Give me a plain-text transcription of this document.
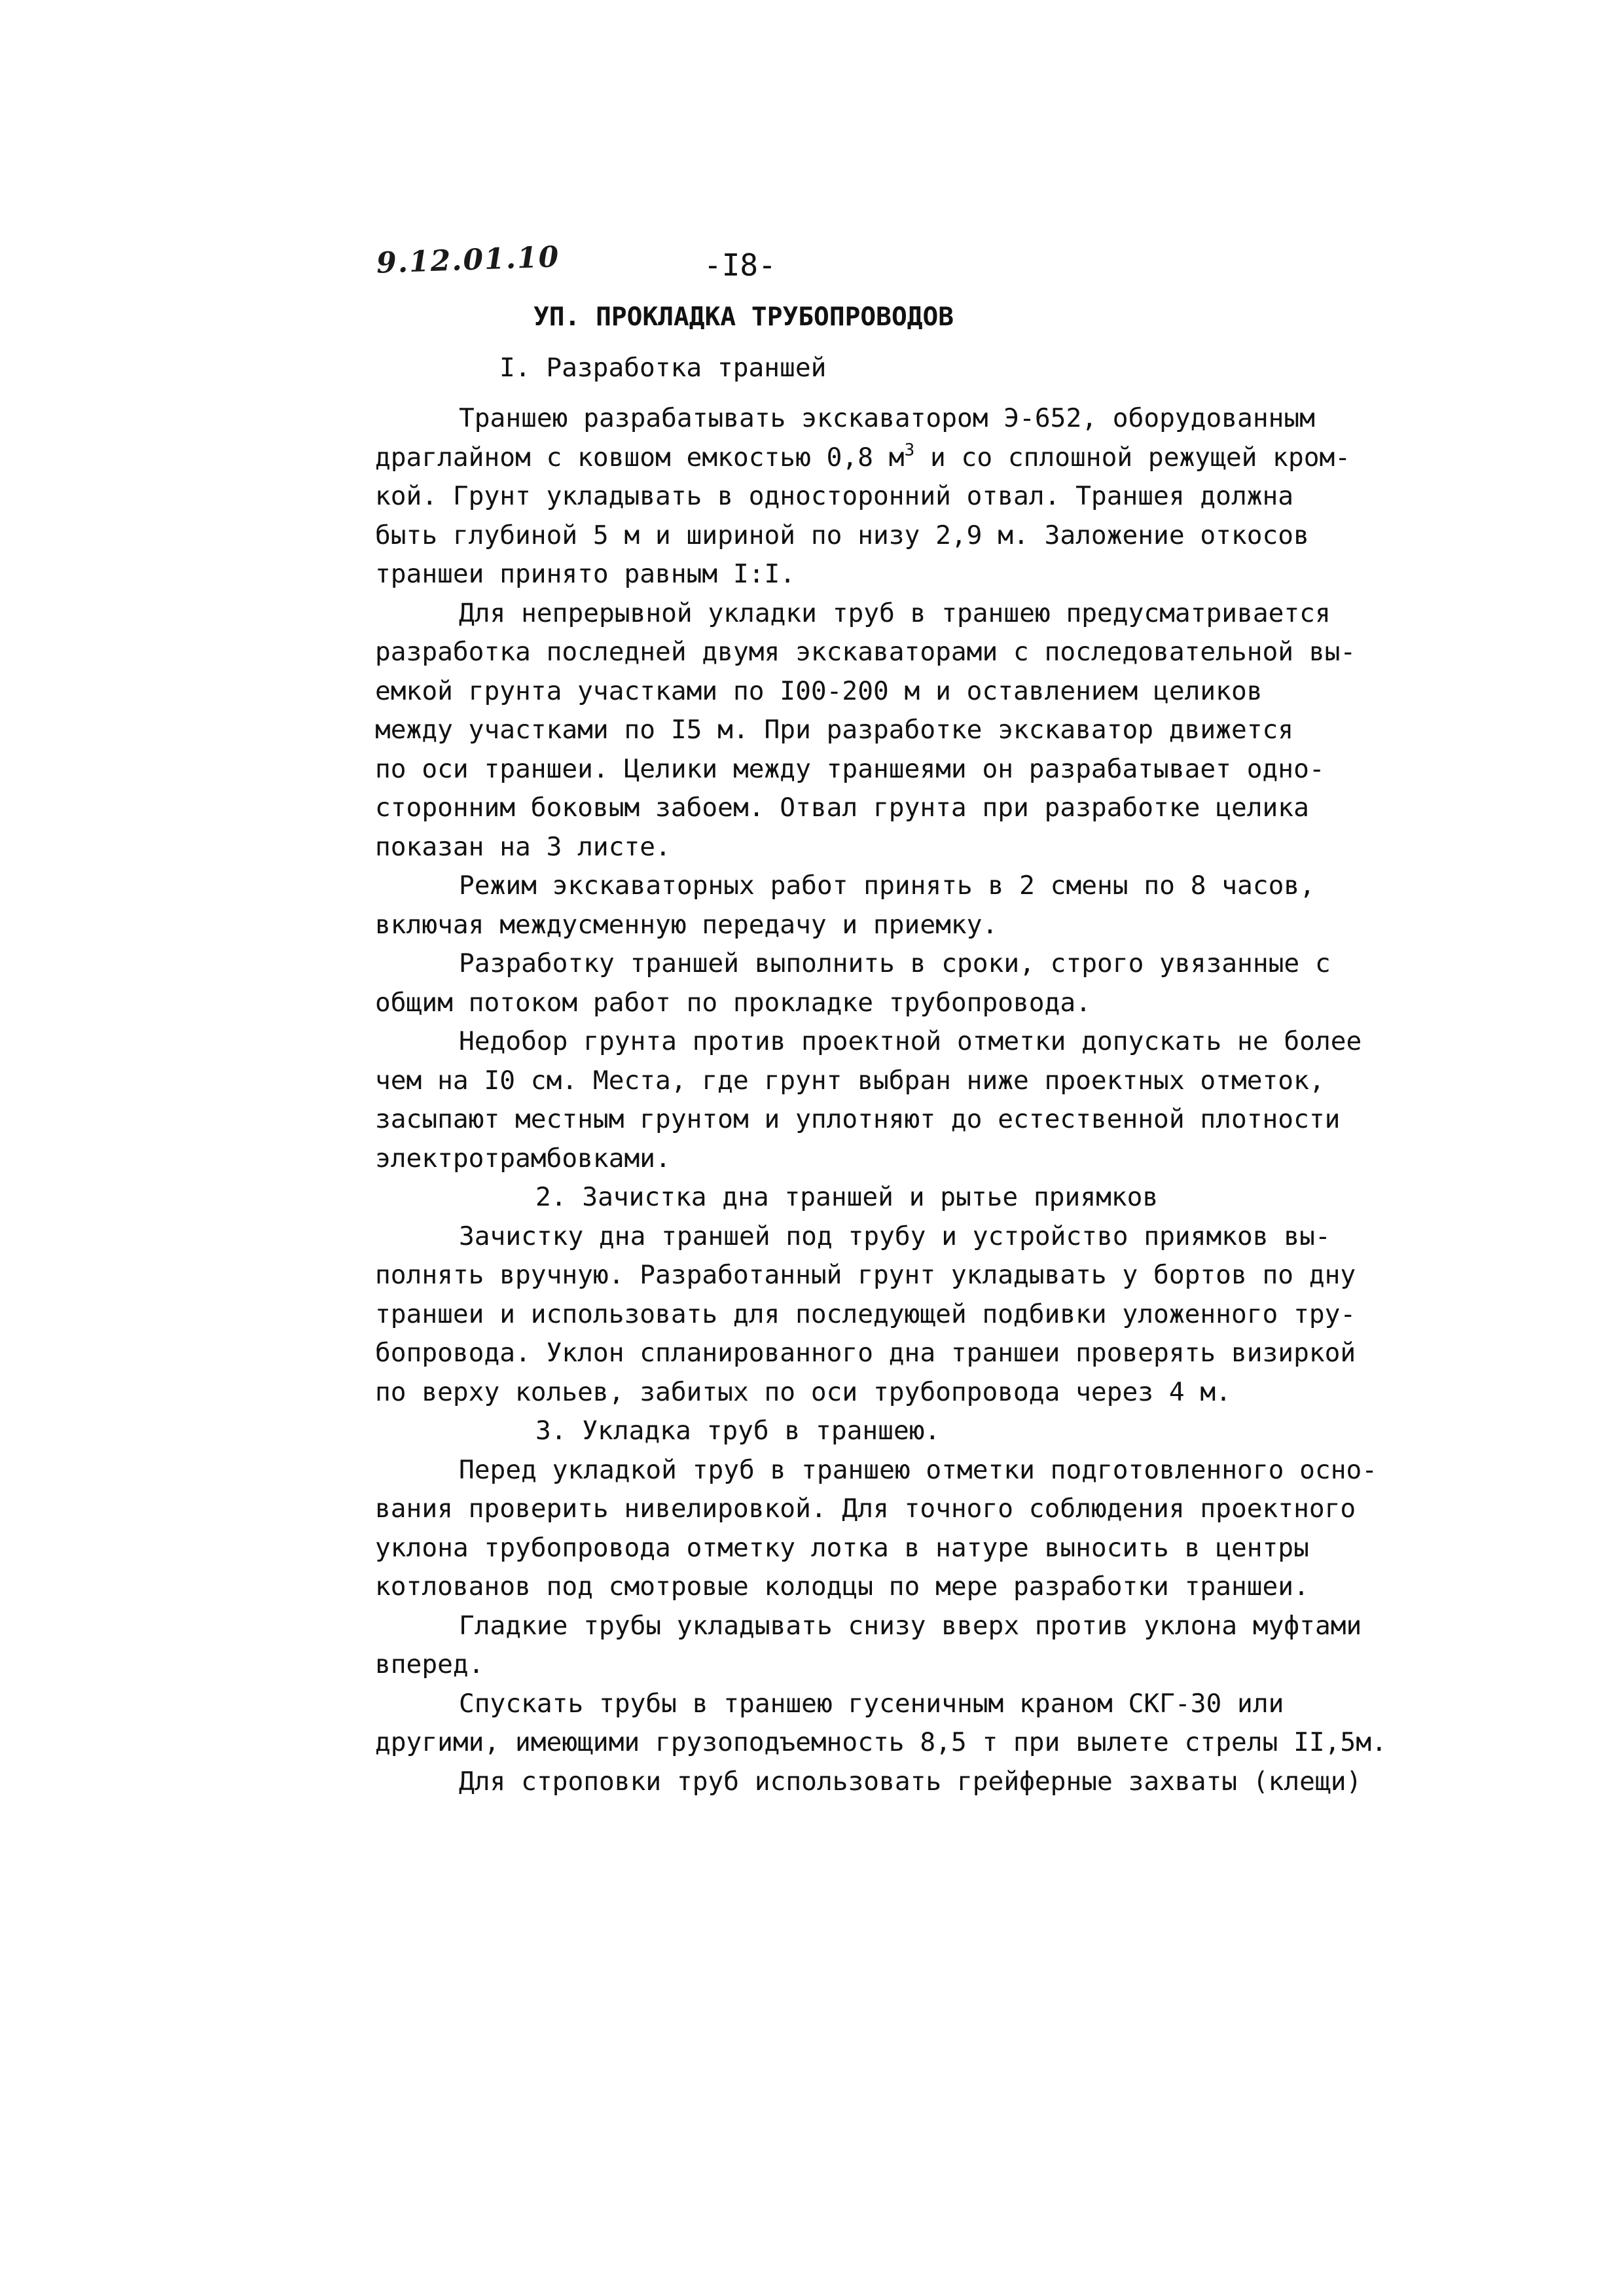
9.12.01.10	-I8-
УП. ПРОКЛАДКА ТРУБОПРОВОДОВ
I. Разработка траншей
Траншею разрабатывать экскаватором Э-652, оборудованным
драглайном с ковшом емкостью 0,8 $м^3$ и со сплошной режущей кром-
кой. Грунт укладывать в односторонний отвал. Траншея должна
быть глубиной 5 м и шириной по низу 2,9 м. Заложение откосов
траншеи принято равным I:I.
Для непрерывной укладки труб в траншею предусматривается
разработка последней двумя экскаваторами с последовательной вы-
емкой грунта участками по I00-200 м и оставлением целиков
между участками по I5 м. При разработке экскаватор движется
по оси траншеи. Целики между траншеями он разрабатывает одно-
сторонним боковым забоем. Отвал грунта при разработке целика
показан на 3 листе.
Режим экскаваторных работ принять в 2 смены по 8 часов,
включая междусменную передачу и приемку.
Разработку траншей выполнить в сроки, строго увязанные с
общим потоком работ по прокладке трубопровода.
Недобор грунта против проектной отметки допускать не более
чем на I0 см. Места, где грунт выбран ниже проектных отметок,
засыпают местным грунтом и уплотняют до естественной плотности
электротрамбовками.
2. Зачистка дна траншей и рытье приямков
Зачистку дна траншей под трубу и устройство приямков вы-
полнять вручную. Разработанный грунт укладывать у бортов по дну
траншеи и использовать для последующей подбивки уложенного тру-
бопровода. Уклон спланированного дна траншеи проверять визиркой
по верху кольев, забитых по оси трубопровода через 4 м.
3. Укладка труб в траншею.
Перед укладкой труб в траншею отметки подготовленного осно-
вания проверить нивелировкой. Для точного соблюдения проектного
уклона трубопровода отметку лотка в натуре выносить в центры
котлованов под смотровые колодцы по мере разработки траншеи.
Гладкие трубы укладывать снизу вверх против уклона муфтами
вперед.
Спускать трубы в траншею гусеничным краном СКГ-30 или
другими, имеющими грузоподъемность 8,5 т при вылете стрелы II,5м.
Для строповки труб использовать грейферные захваты (клещи)
